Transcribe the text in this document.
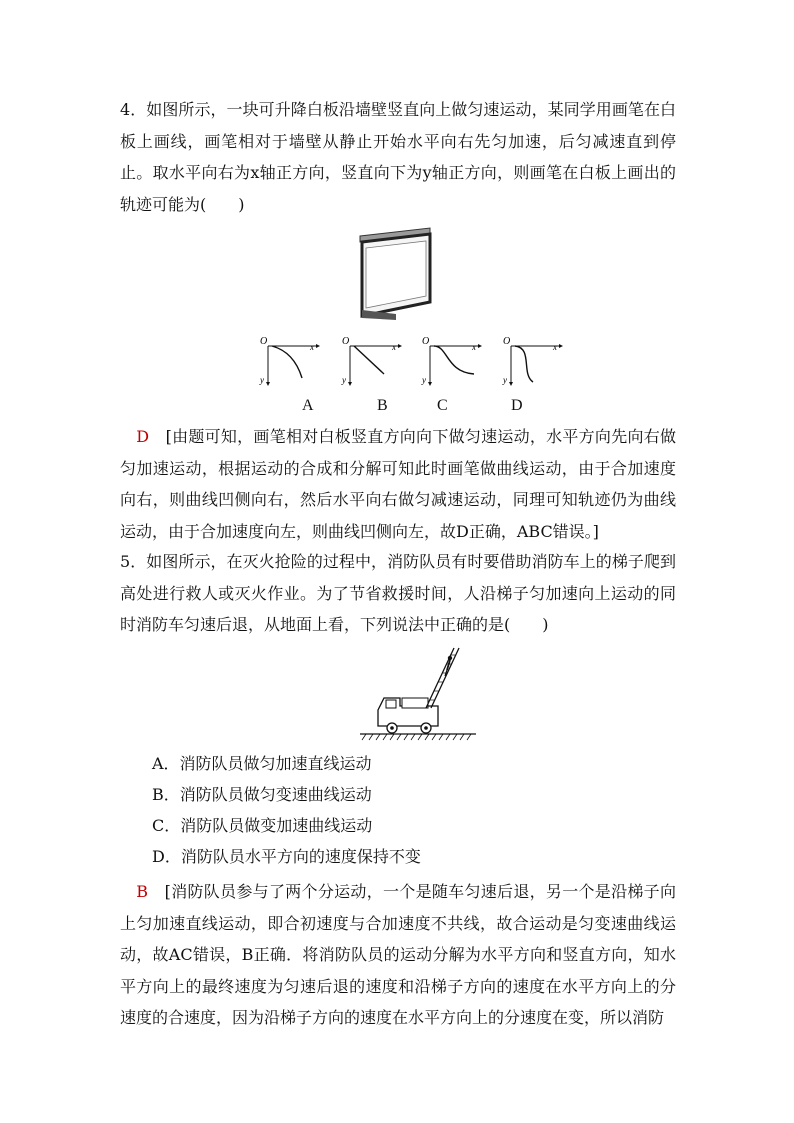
4．如图所示，一块可升降白板沿墙壁竖直向上做匀速运动，某同学用画笔在白板上画线，画笔相对于墙壁从静止开始水平向右先匀加速，后匀减速直到停止。取水平向右为x轴正方向，竖直向下为y轴正方向，则画笔在白板上画出的轨迹可能为(　　)
O	x
y
O	x
y
O	x
y
O	x
y
A	B	C	D
　D　 [由题可知，画笔相对白板竖直方向向下做匀速运动，水平方向先向右做匀加速运动，根据运动的合成和分解可知此时画笔做曲线运动，由于合加速度向右，则曲线凹侧向右，然后水平向右做匀减速运动，同理可知轨迹仍为曲线运动，由于合加速度向左，则曲线凹侧向左，故D正确，ABC错误。]
5．如图所示，在灭火抢险的过程中，消防队员有时要借助消防车上的梯子爬到高处进行救人或灭火作业。为了节省救援时间，人沿梯子匀加速向上运动的同时消防车匀速后退，从地面上看，下列说法中正确的是(　　)
A．消防队员做匀加速直线运动
B．消防队员做匀变速曲线运动
C．消防队员做变加速曲线运动
D．消防队员水平方向的速度保持不变
　B　 [消防队员参与了两个分运动，一个是随车匀速后退，另一个是沿梯子向上匀加速直线运动，即合初速度与合加速度不共线，故合运动是匀变速曲线运动，故AC错误，B正确．将消防队员的运动分解为水平方向和竖直方向，知水平方向上的最终速度为匀速后退的速度和沿梯子方向的速度在水平方向上的分速度的合速度，因为沿梯子方向的速度在水平方向上的分速度在变，所以消防
